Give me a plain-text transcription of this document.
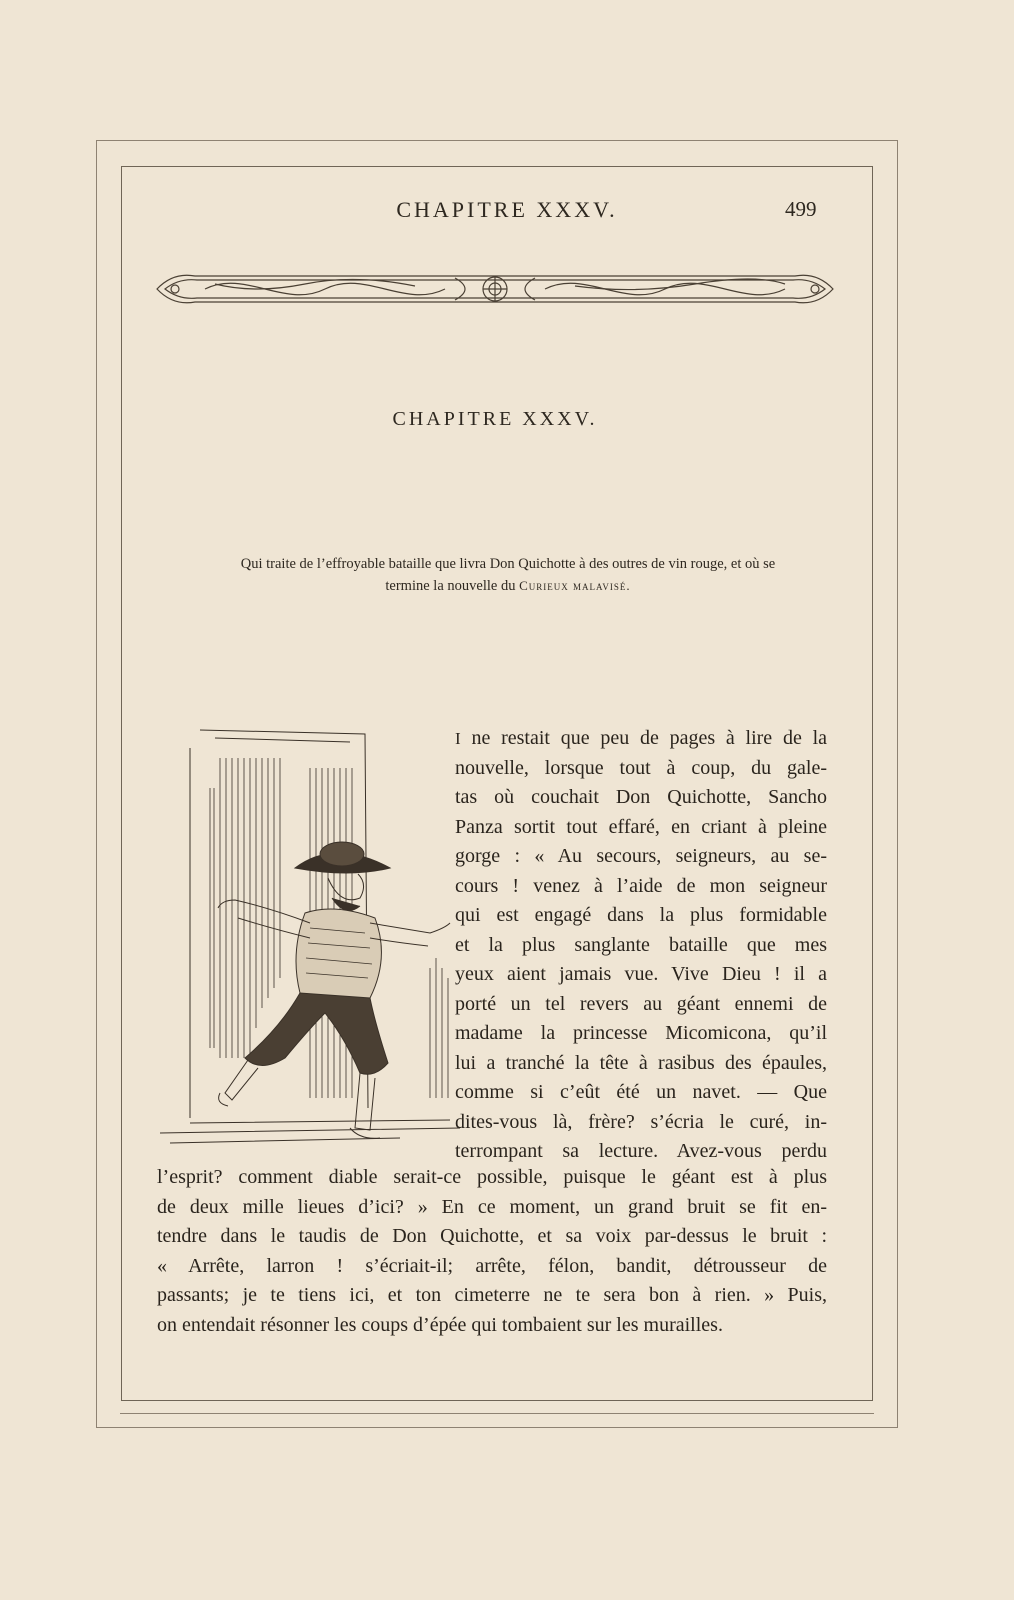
CHAPITRE XXXV.	499
CHAPITRE XXXV.
Qui traite de l’effroyable bataille que livra Don Quichotte à des outres de vin rouge, et où se
termine la nouvelle du Curieux malavisé.
I ne restait que peu de pages à lire de la
nouvelle, lorsque tout à coup, du gale-
tas où couchait Don Quichotte, Sancho
Panza sortit tout effaré, en criant à pleine
gorge : « Au secours, seigneurs, au se-
cours ! venez à l’aide de mon seigneur
qui est engagé dans la plus formidable
et la plus sanglante bataille que mes
yeux aient jamais vue. Vive Dieu ! il a
porté un tel revers au géant ennemi de
madame la princesse Micomicona, qu’il
lui a tranché la tête à rasibus des épaules,
comme si c’eût été un navet. — Que
dites-vous là, frère? s’écria le curé, in-
terrompant sa lecture. Avez-vous perdu
l’esprit? comment diable serait-ce possible, puisque le géant est à plus
de deux mille lieues d’ici? » En ce moment, un grand bruit se fit en-
tendre dans le taudis de Don Quichotte, et sa voix par-dessus le bruit :
« Arrête, larron ! s’écriait-il; arrête, félon, bandit, détrousseur de
passants; je te tiens ici, et ton cimeterre ne te sera bon à rien. » Puis,
on entendait résonner les coups d’épée qui tombaient sur les murailles.
